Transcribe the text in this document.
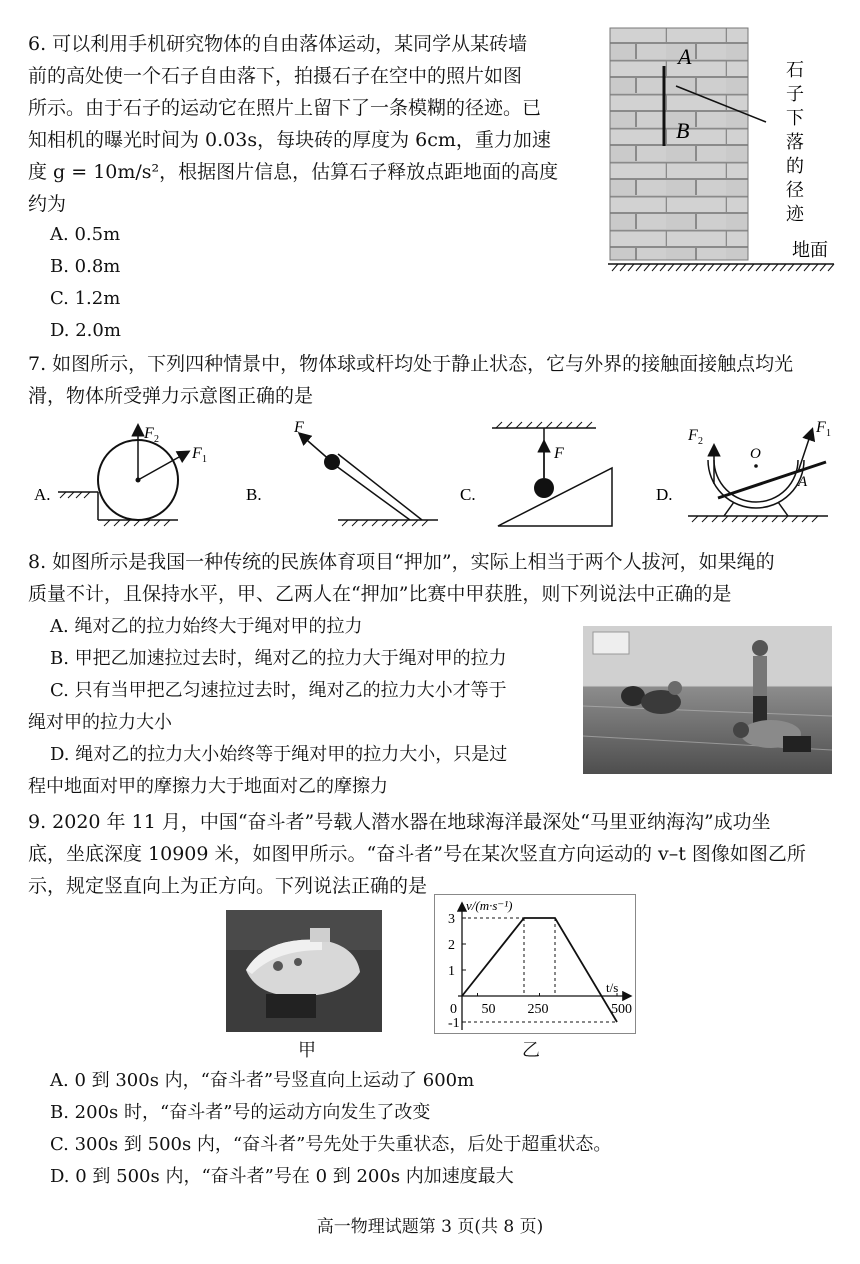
6. 可以利用手机研究物体的自由落体运动，某同学从某砖墙
前的高处使一个石子自由落下，拍摄石子在空中的照片如图
所示。由于石子的运动它在照片上留下了一条模糊的径迹。已
知相机的曝光时间为 0.03s，每块砖的厚度为 6cm，重力加速
度 g = 10m/s²，根据图片信息，估算石子释放点距地面的高度
约为
A. 0.5m
B. 0.8m
C. 1.2m
D. 2.0m
A
B
石
子
下
落
的
径
迹
地面
7. 如图所示，下列四种情景中，物体球或杆均处于静止状态，它与外界的接触面接触点均光
滑，物体所受弹力示意图正确的是
A.
F 2
F 1
B.
F
C.
F
D.
F 2
F 1
O
A
8. 如图所示是我国一种传统的民族体育项目“押加”，实际上相当于两个人拔河，如果绳的
质量不计，且保持水平，甲、乙两人在“押加”比赛中甲获胜，则下列说法中正确的是
A. 绳对乙的拉力始终大于绳对甲的拉力
B. 甲把乙加速拉过去时，绳对乙的拉力大于绳对甲的拉力
C. 只有当甲把乙匀速拉过去时，绳对乙的拉力大小才等于
绳对甲的拉力大小
D. 绳对乙的拉力大小始终等于绳对甲的拉力大小，只是过
程中地面对甲的摩擦力大于地面对乙的摩擦力
9. 2020 年 11 月，中国“奋斗者”号载人潜水器在地球海洋最深处“马里亚纳海沟”成功坐
底，坐底深度 10909 米，如图甲所示。“奋斗者”号在某次竖直方向运动的 v–t 图像如图乙所
示，规定竖直向上为正方向。下列说法正确的是
v/(m·s⁻¹)
t/s
3
2
1
-1
0 50 250	500
甲	乙
A. 0 到 300s 内，“奋斗者”号竖直向上运动了 600m
B. 200s 时，“奋斗者”号的运动方向发生了改变
C. 300s 到 500s 内，“奋斗者”号先处于失重状态，后处于超重状态。
D. 0 到 500s 内，“奋斗者”号在 0 到 200s 内加速度最大
高一物理试题第 3 页(共 8 页)
